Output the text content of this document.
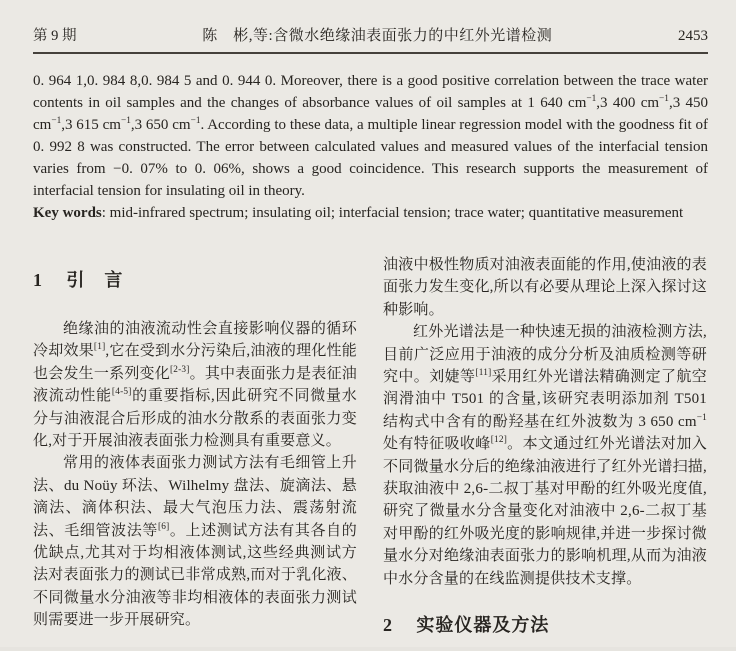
第 9 期	陈　彬,等:含微水绝缘油表面张力的中红外光谱检测	2453

0. 964 1,0. 984 8,0. 984 5 and 0. 944 0. Moreover, there is a good positive correlation between the trace water contents in oil samples and the changes of absorbance values of oil samples at 1 640 $cm^{-1},3$ 400 $cm^{-1},3$ 450 $cm^{-1},3$ 615 $cm^{-1},3$ 650 $cm^{-1}$. According to these data, a multiple linear regression model with the goodness fit of 0. 992 8 was constructed. The error between calculated values and measured values of the interfacial tension varies from −0. 07% to 0. 06%, shows a good coincidence. This research supports the measurement of interfacial tension for insulating oil in theory.

Key words: mid-infrared spectrum; insulating oil; interfacial tension; trace water; quantitative measurement

1 引　言

绝缘油的油液流动性会直接影响仪器的循环冷却效果[1],它在受到水分污染后,油液的理化性能也会发生一系列变化[2-3]。其中表面张力是表征油液流动性能[4-5]的重要指标,因此研究不同微量水分与油液混合后形成的油水分散系的表面张力变化,对于开展油液表面张力检测具有重要意义。

常用的液体表面张力测试方法有毛细管上升法、du Noüy 环法、Wilhelmy 盘法、旋滴法、悬滴法、滴体积法、最大气泡压力法、震荡射流法、毛细管波法等[6]。上述测试方法有其各自的优缺点,尤其对于均相液体测试,这些经典测试方法对表面张力的测试已非常成熟,而对于乳化液、不同微量水分油液等非均相液体的表面张力测试则需要进一步开展研究。

油液中极性物质对油液表面能的作用,使油液的表面张力发生变化,所以有必要从理论上深入探讨这种影响。

红外光谱法是一种快速无损的油液检测方法,目前广泛应用于油液的成分分析及油质检测等研究中。刘婕等[11]采用红外光谱法精确测定了航空润滑油中 T501 的含量,该研究表明添加剂 T501 结构式中含有的酚羟基在红外波数为 3 650 $cm^{-1}$处有特征吸收峰[12]。本文通过红外光谱法对加入不同微量水分后的绝缘油液进行了红外光谱扫描,获取油液中 2,6-二叔丁基对甲酚的红外吸光度值,研究了微量水分含量变化对油液中 2,6-二叔丁基对甲酚的红外吸光度的影响规律,并进一步探讨微量水分对绝缘油表面张力的影响机理,从而为油液中水分含量的在线监测提供技术支撑。

2 实验仪器及方法
